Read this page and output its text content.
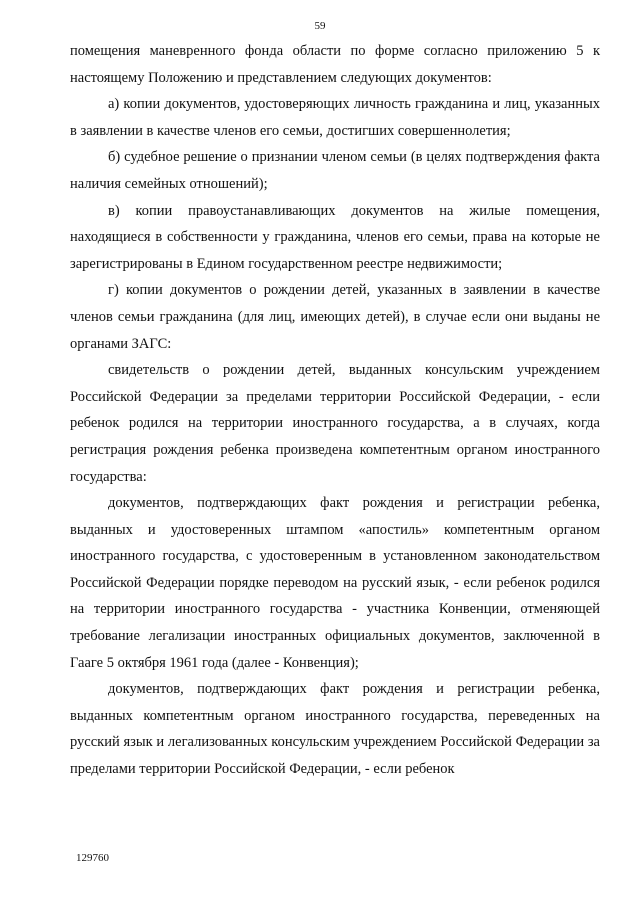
59

помещения маневренного фонда области по форме согласно приложению 5 к настоящему Положению и представлением следующих документов:

а) копии документов, удостоверяющих личность гражданина и лиц, указанных в заявлении в качестве членов его семьи, достигших совершеннолетия;

б) судебное решение о признании членом семьи (в целях подтверждения факта наличия семейных отношений);

в) копии правоустанавливающих документов на жилые помещения, находящиеся в собственности у гражданина, членов его семьи, права на которые не зарегистрированы в Едином государственном реестре недвижимости;

г) копии документов о рождении детей, указанных в заявлении в качестве членов семьи гражданина (для лиц, имеющих детей), в случае если они выданы не органами ЗАГС:

свидетельств о рождении детей, выданных консульским учреждением Российской Федерации за пределами территории Российской Федерации, - если ребенок родился на территории иностранного государства, а в случаях, когда регистрация рождения ребенка произведена компетентным органом иностранного государства:

документов, подтверждающих факт рождения и регистрации ребенка, выданных и удостоверенных штампом «апостиль» компетентным органом иностранного государства, с удостоверенным в установленном законодательством Российской Федерации порядке переводом на русский язык, - если ребенок родился на территории иностранного государства - участника Конвенции, отменяющей требование легализации иностранных официальных документов, заключенной в Гааге 5 октября 1961 года (далее - Конвенция);

документов, подтверждающих факт рождения и регистрации ребенка, выданных компетентным органом иностранного государства, переведенных на русский язык и легализованных консульским учреждением Российской Федерации за пределами территории Российской Федерации, - если ребенок

129760
